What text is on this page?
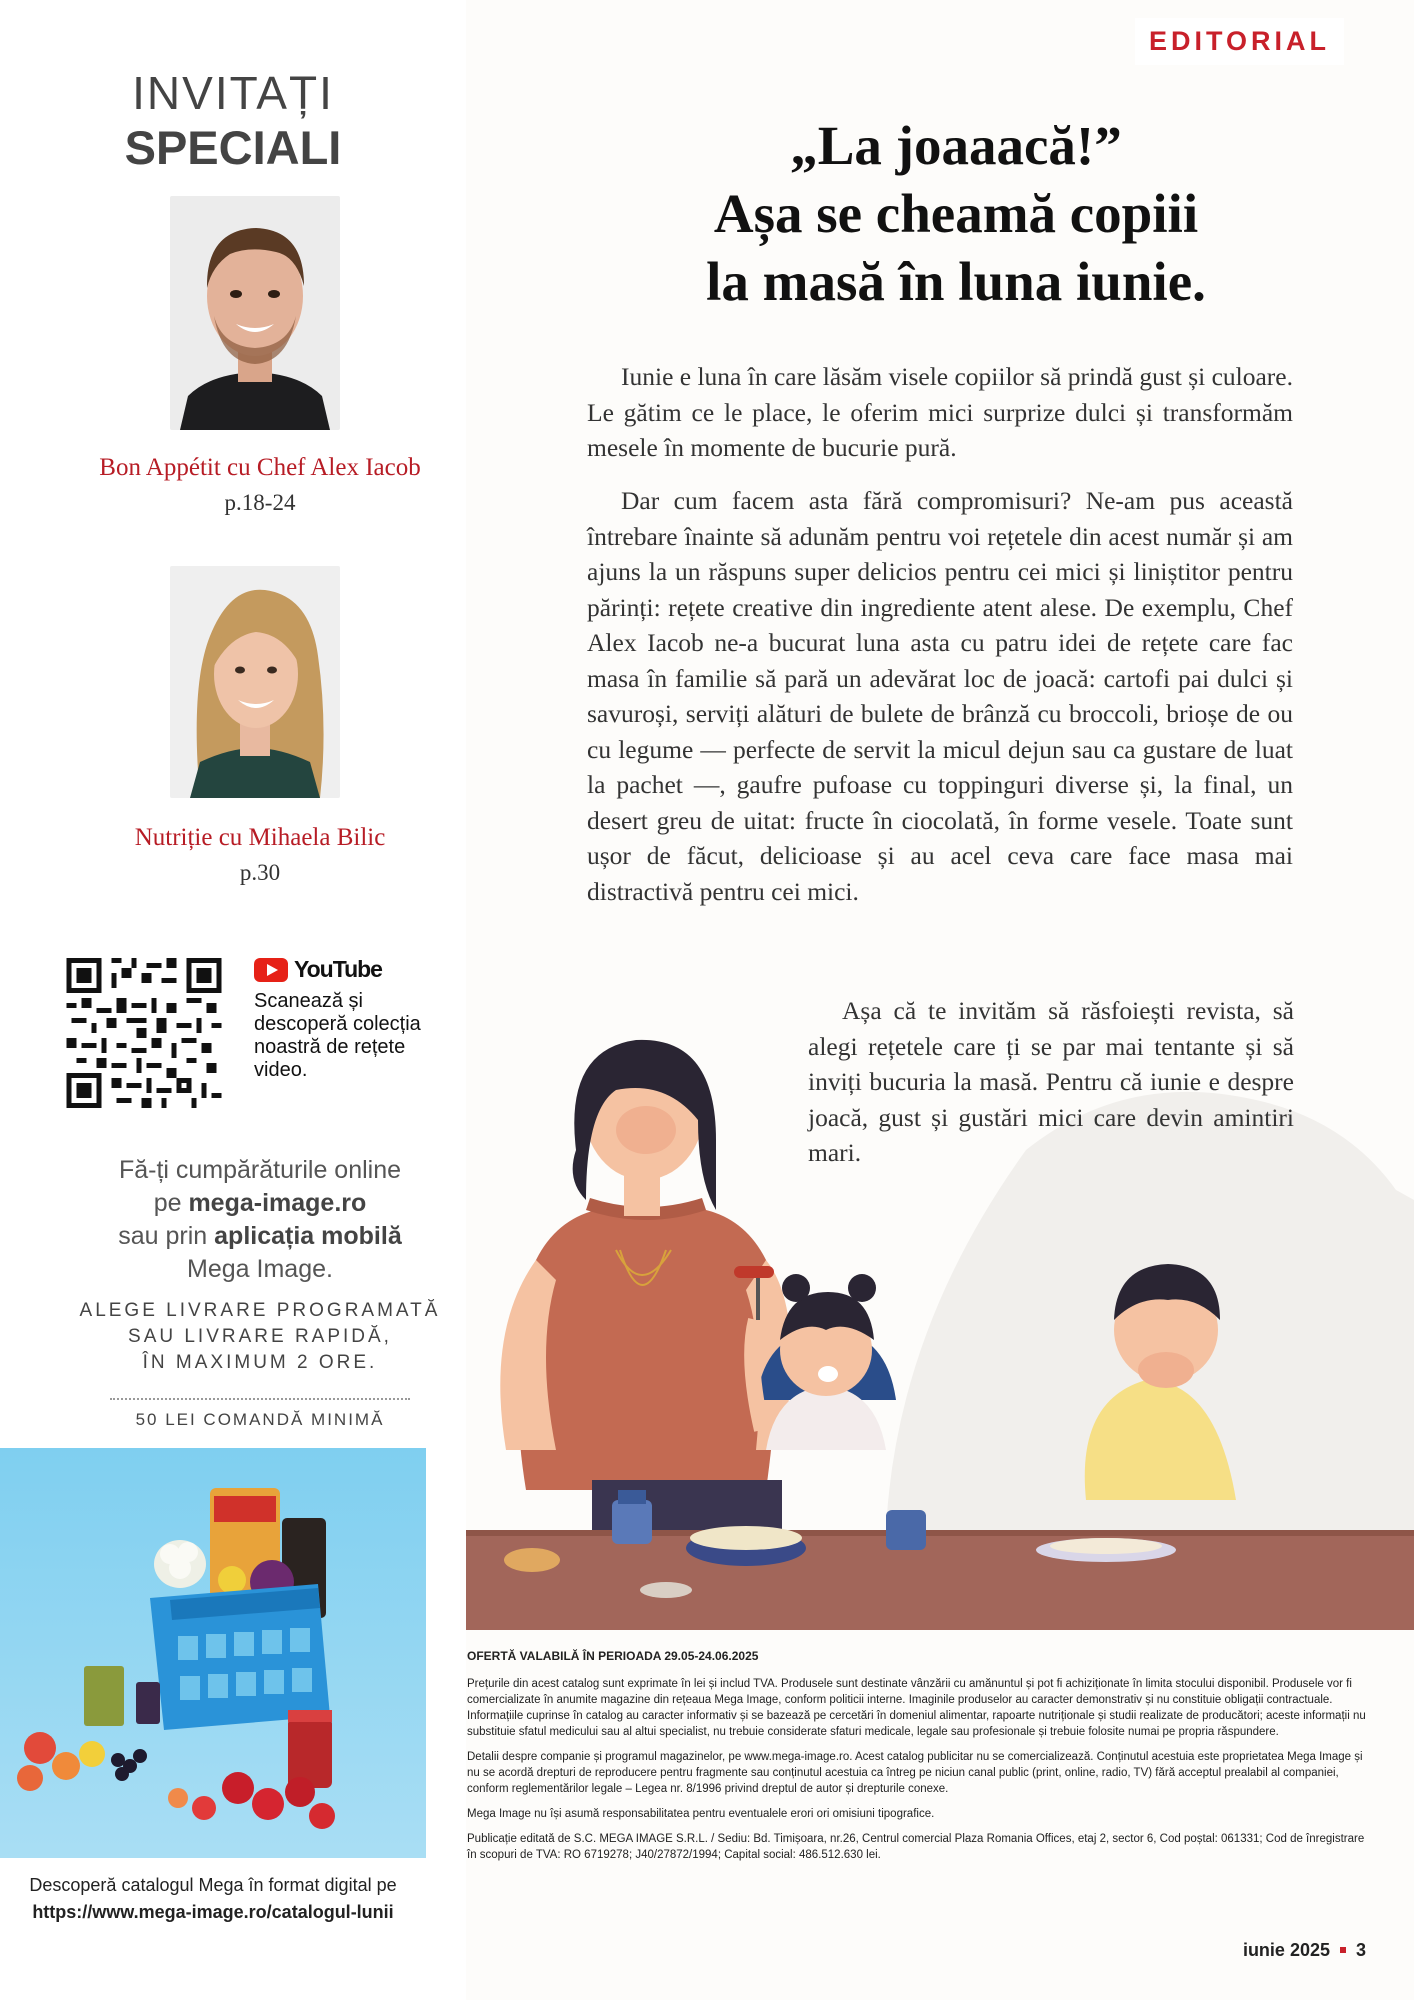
EDITORIAL
INVITAȚI
SPECIALI
Bon Appétit cu Chef Alex Iacob
p.18-24
Nutriție cu Mihaela Bilic
p.30
YouTube
Scanează și descoperă colecția noastră de rețete video.
Fă-ți cumpărăturile online
pe mega-image.ro
sau prin aplicația mobilă
Mega Image.
ALEGE LIVRARE PROGRAMATĂ
SAU LIVRARE RAPIDĂ,
ÎN MAXIMUM 2 ORE.
50 LEI COMANDĂ MINIMĂ
Descoperă catalogul Mega în format digital pe
https://www.mega-image.ro/catalogul-lunii
„La joaaacă!”
Așa se cheamă copiii
la masă în luna iunie.

Iunie e luna în care lăsăm visele copiilor să prindă gust și culoare. Le gătim ce le place, le oferim mici surprize dulci și transformăm mesele în momente de bucurie pură.

Dar cum facem asta fără compromisuri? Ne-am pus această întrebare înainte să adunăm pentru voi rețetele din acest număr și am ajuns la un răspuns super delicios pentru cei mici și liniștitor pentru părinți: rețete creative din ingrediente atent alese. De exemplu, Chef Alex Iacob ne-a bucurat luna asta cu patru idei de rețete care fac masa în familie să pară un adevărat loc de joacă: cartofi pai dulci și savuroși, serviți alături de bulete de brânză cu broccoli, brioșe de ou cu legume — perfecte de servit la micul dejun sau ca gustare de luat la pachet —, gaufre pufoase cu toppinguri diverse și, la final, un desert greu de uitat: fructe în ciocolată, în forme vesele. Toate sunt ușor de făcut, delicioase și au acel ceva care face masa mai distractivă pentru cei mici.

Așa că te invităm să răsfoiești revista, să alegi rețetele care ți se par mai tentante și să inviți bucuria la masă. Pentru că iunie e despre joacă, gust și gustări mici care devin amintiri mari.

OFERTĂ VALABILĂ ÎN PERIOADA 29.05-24.06.2025

Prețurile din acest catalog sunt exprimate în lei și includ TVA. Produsele sunt destinate vânzării cu amănuntul și pot fi achiziționate în limita stocului disponibil. Produsele vor fi comercializate în anumite magazine din rețeaua Mega Image, conform politicii interne. Imaginile produselor au caracter demonstrativ și nu constituie obligații contractuale. Informațiile cuprinse în catalog au caracter informativ și se bazează pe cercetări în domeniul alimentar, rapoarte nutriționale și studii realizate de producători; aceste informații nu substituie sfatul medicului sau al altui specialist, nu trebuie considerate sfaturi medicale, legale sau profesionale și trebuie folosite numai pe propria răspundere.

Detalii despre companie și programul magazinelor, pe www.mega-image.ro. Acest catalog publicitar nu se comercializează. Conținutul acestuia este proprietatea Mega Image și nu se acordă drepturi de reproducere pentru fragmente sau conținutul acestuia ca întreg pe niciun canal public (print, online, radio, TV) fără acceptul prealabil al companiei, conform reglementărilor legale – Legea nr. 8/1996 privind dreptul de autor și drepturile conexe.

Mega Image nu își asumă responsabilitatea pentru eventualele erori ori omisiuni tipografice.

Publicație editată de S.C. MEGA IMAGE S.R.L. / Sediu: Bd. Timișoara, nr.26, Centrul comercial Plaza Romania Offices, etaj 2, sector 6, Cod poștal: 061331; Cod de înregistrare în scopuri de TVA: RO 6719278; J40/27872/1994; Capital social: 486.512.630 lei.

iunie 2025 3
